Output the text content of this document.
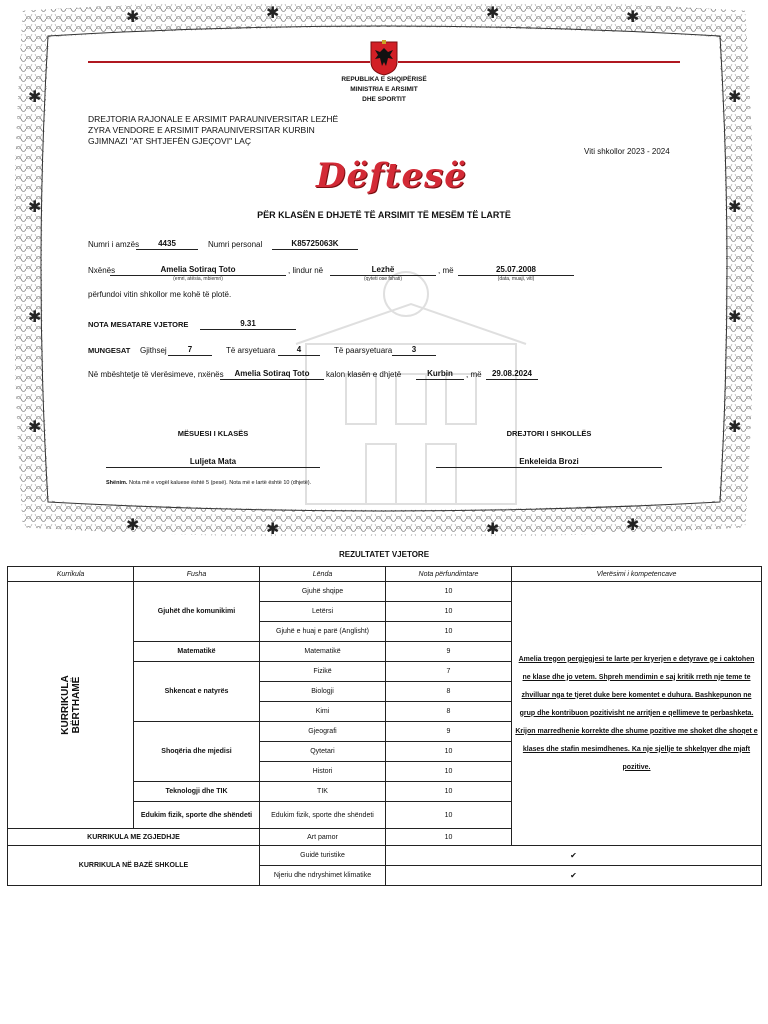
✱
✱
✱
✱
✱
✱
✱
✱
✱	✱	✱	✱
✱	✱	✱	✱
REPUBLIKA E SHQIPËRISË
MINISTRIA E ARSIMIT
DHE SPORTIT
DREJTORIA RAJONALE E ARSIMIT PARAUNIVERSITAR LEZHË
ZYRA VENDORE E ARSIMIT PARAUNIVERSITAR KURBIN
GJIMNAZI "AT SHTJEFËN GJEÇOVI" LAÇ
Viti shkollor 2023 - 2024
Dëftesë
PËR KLASËN E DHJETË TË ARSIMIT TË MESËM TË LARTË
Numri i amzës	4435	Numri personal	K85725063K
Nxënës	Amelia Sotiraq Toto
(emri, atësia, mbiemri)
, lindur në	Lezhë
(qyteti ose fshati)
, më	25.07.2008
(data, muaji, viti)
përfundoi vitin shkollor me kohë të plotë.
NOTA MESATARE VJETORE	9.31
MUNGESAT Gjithsej	7	Të arsyetuara	4	Të paarsyetuara	3
Në mbështetje të vlerësimeve, nxënës	Amelia Sotiraq Toto	kalon klasën e dhjetë	Kurbin	, më	29.08.2024
MËSUESI I KLASËS
Luljeta Mata
DREJTORI I SHKOLLËS
Enkeleida Brozi
Shënim. Nota më e vogël kaluese është 5 (pesë). Nota më e lartë është 10 (dhjetë).
REZULTATET VJETORE
Kurrikula	Fusha	Lënda	Nota përfundimtare	Vlerësimi i kompetencave

KURRIKULA BËRTHAMË	Gjuhët dhe komunikimi	Gjuhë shqipe	10	Amelia tregon pergjegjesi te larte per kryerjen e detyrave ge i caktohen ne klase dhe jo vetem. Shpreh mendimin e saj kritik rreth nje teme te zhvilluar nga te tjeret duke bere komentet e duhura. Bashkepunon ne grup dhe kontribuon pozitivisht ne arritjen e qellimeve te perbashketa. Krijon marredhenie korrekte dhe shume pozitive me shoket dhe shoqet e klases dhe stafin mesimdhenes. Ka nje sjellje te shkelqyer dhe mjaft pozitive.
		Letërsi	10	
		Gjuhë e huaj e parë (Anglisht)	10	
	Matematikë	Matematikë	9	
	Shkencat e natyrës	Fizikë	7	
		Biologji	8	
		Kimi	8	
	Shoqëria dhe mjedisi	Gjeografi	9	
		Qytetari	10	
		Histori	10	
	Teknologji dhe TIK	TIK	10	
	Edukim fizik, sporte dhe shëndeti	Edukim fizik, sporte dhe shëndeti	10	
KURRIKULA ME ZGJEDHJE		Art pamor	10	
KURRIKULA NË BAZË SHKOLLE		Guidë turistike	✔	
		Njeriu dhe ndryshimet klimatike	✔	
